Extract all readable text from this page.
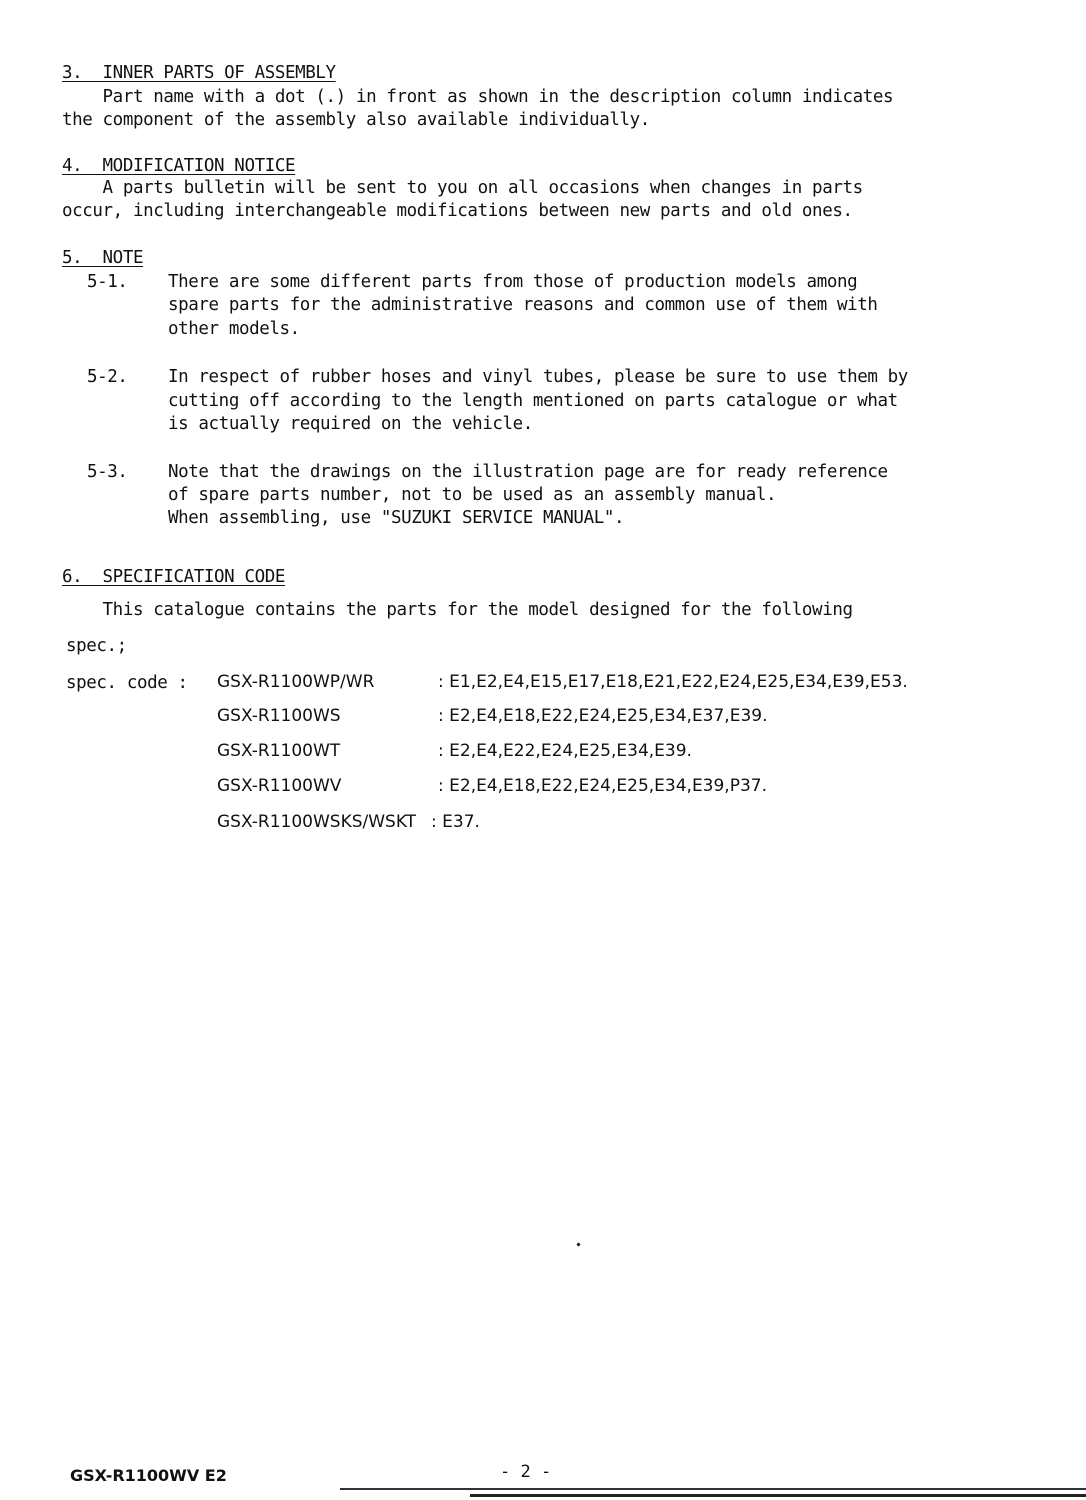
3.  INNER PARTS OF ASSEMBLY
Part name with a dot (.) in front as shown in the description column indicates
the component of the assembly also available individually.
4.  MODIFICATION NOTICE
A parts bulletin will be sent to you on all occasions when changes in parts
occur, including interchangeable modifications between new parts and old ones.
5.  NOTE
5-1. There are some different parts from those of production models among
spare parts for the administrative reasons and common use of them with
other models.
5-2. In respect of rubber hoses and vinyl tubes, please be sure to use them by
cutting off according to the length mentioned on parts catalogue or what
is actually required on the vehicle.
5-3. Note that the drawings on the illustration page are for ready reference
of spare parts number, not to be used as an assembly manual.
When assembling, use "SUZUKI SERVICE MANUAL".
6.  SPECIFICATION CODE
This catalogue contains the parts for the model designed for the following
spec.;
spec. code : GSX-R1100WP/WR	: E1,E2,E4,E15,E17,E18,E21,E22,E24,E25,E34,E39,E53.
GSX-R1100WS	: E2,E4,E18,E22,E24,E25,E34,E37,E39.
GSX-R1100WT	: E2,E4,E22,E24,E25,E34,E39.
GSX-R1100WV	: E2,E4,E18,E22,E24,E25,E34,E39,P37.
GSX-R1100WSKS/WSKT : E37.
GSX-R1100WV E2	- 2 -
